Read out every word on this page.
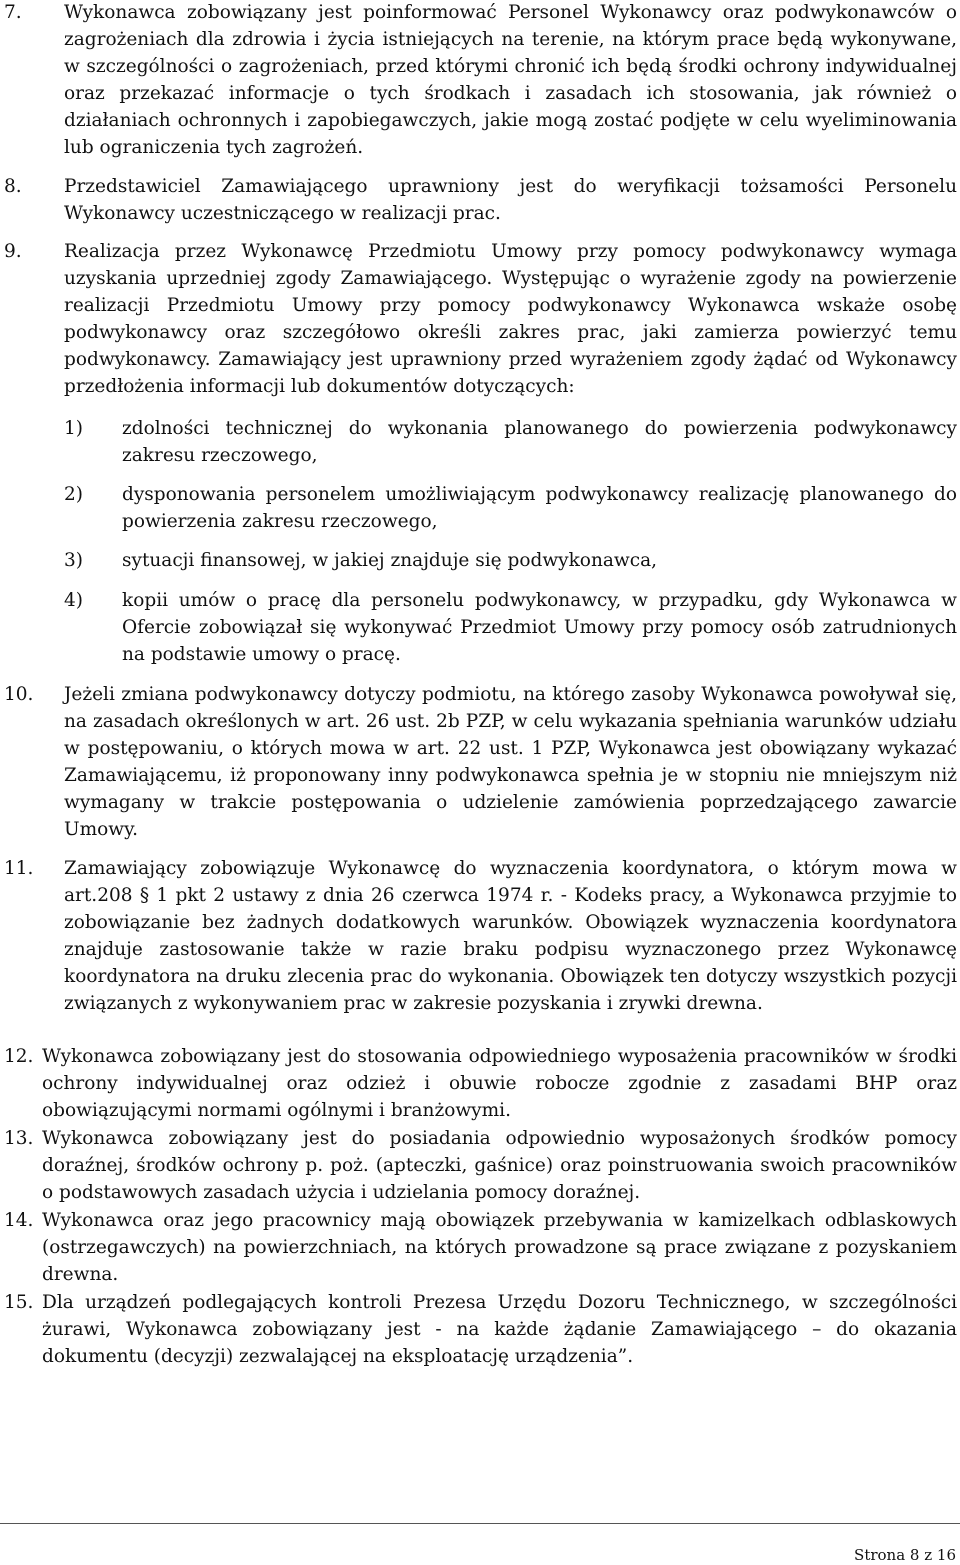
7. Wykonawca zobowiązany jest poinformować Personel Wykonawcy oraz podwykonawców o zagrożeniach dla zdrowia i życia istniejących na terenie, na którym prace będą wykonywane, w szczególności o zagrożeniach, przed którymi chronić ich będą środki ochrony indywidualnej oraz przekazać informacje o tych środkach i zasadach ich stosowania, jak również o działaniach ochronnych i zapobiegawczych, jakie mogą zostać podjęte w celu wyeliminowania lub ograniczenia tych zagrożeń.

8. Przedstawiciel Zamawiającego uprawniony jest do weryfikacji tożsamości Personelu Wykonawcy uczestniczącego w realizacji prac.

9. Realizacja przez Wykonawcę Przedmiotu Umowy przy pomocy podwykonawcy wymaga uzyskania uprzedniej zgody Zamawiającego. Występując o wyrażenie zgody na powierzenie realizacji Przedmiotu Umowy przy pomocy podwykonawcy Wykonawca wskaże osobę podwykonawcy oraz szczegółowo określi zakres prac, jaki zamierza powierzyć temu podwykonawcy. Zamawiający jest uprawniony przed wyrażeniem zgody żądać od Wykonawcy przedłożenia informacji lub dokumentów dotyczących:

1) zdolności technicznej do wykonania planowanego do powierzenia podwykonawcy zakresu rzeczowego,

2) dysponowania personelem umożliwiającym podwykonawcy realizację planowanego do powierzenia zakresu rzeczowego,

3) sytuacji finansowej, w jakiej znajduje się podwykonawca,

4) kopii umów o pracę dla personelu podwykonawcy, w przypadku, gdy Wykonawca w Ofercie zobowiązał się wykonywać Przedmiot Umowy przy pomocy osób zatrudnionych na podstawie umowy o pracę.

10. Jeżeli zmiana podwykonawcy dotyczy podmiotu, na którego zasoby Wykonawca powoływał się, na zasadach określonych w art. 26 ust. 2b PZP, w celu wykazania spełniania warunków udziału w postępowaniu, o których mowa w art. 22 ust. 1 PZP, Wykonawca jest obowiązany wykazać Zamawiającemu, iż proponowany inny podwykonawca spełnia je w stopniu nie mniejszym niż wymagany w trakcie postępowania o udzielenie zamówienia poprzedzającego zawarcie Umowy.

11. Zamawiający zobowiązuje Wykonawcę do wyznaczenia koordynatora, o którym mowa w art.208 § 1 pkt 2 ustawy z dnia 26 czerwca 1974 r. - Kodeks pracy, a Wykonawca przyjmie to zobowiązanie bez żadnych dodatkowych warunków. Obowiązek wyznaczenia koordynatora znajduje zastosowanie także w razie braku podpisu wyznaczonego przez Wykonawcę koordynatora na druku zlecenia prac do wykonania. Obowiązek ten dotyczy wszystkich pozycji związanych z wykonywaniem prac w zakresie pozyskania i zrywki drewna.

12. Wykonawca zobowiązany jest do stosowania odpowiedniego wyposażenia pracowników w środki ochrony indywidualnej oraz odzież i obuwie robocze zgodnie z zasadami BHP oraz obowiązującymi normami ogólnymi i branżowymi.

13. Wykonawca zobowiązany jest do posiadania odpowiednio wyposażonych środków pomocy doraźnej, środków ochrony p. poż. (apteczki, gaśnice) oraz poinstruowania swoich pracowników o podstawowych zasadach użycia i udzielania pomocy doraźnej.

14. Wykonawca oraz jego pracownicy mają obowiązek przebywania w kamizelkach odblaskowych (ostrzegawczych) na powierzchniach, na których prowadzone są prace związane z pozyskaniem drewna.

15. Dla urządzeń podlegających kontroli Prezesa Urzędu Dozoru Technicznego, w szczególności żurawi, Wykonawca zobowiązany jest - na każde żądanie Zamawiającego – do okazania dokumentu (decyzji) zezwalającej na eksploatację urządzenia”.

Strona 8 z 16
